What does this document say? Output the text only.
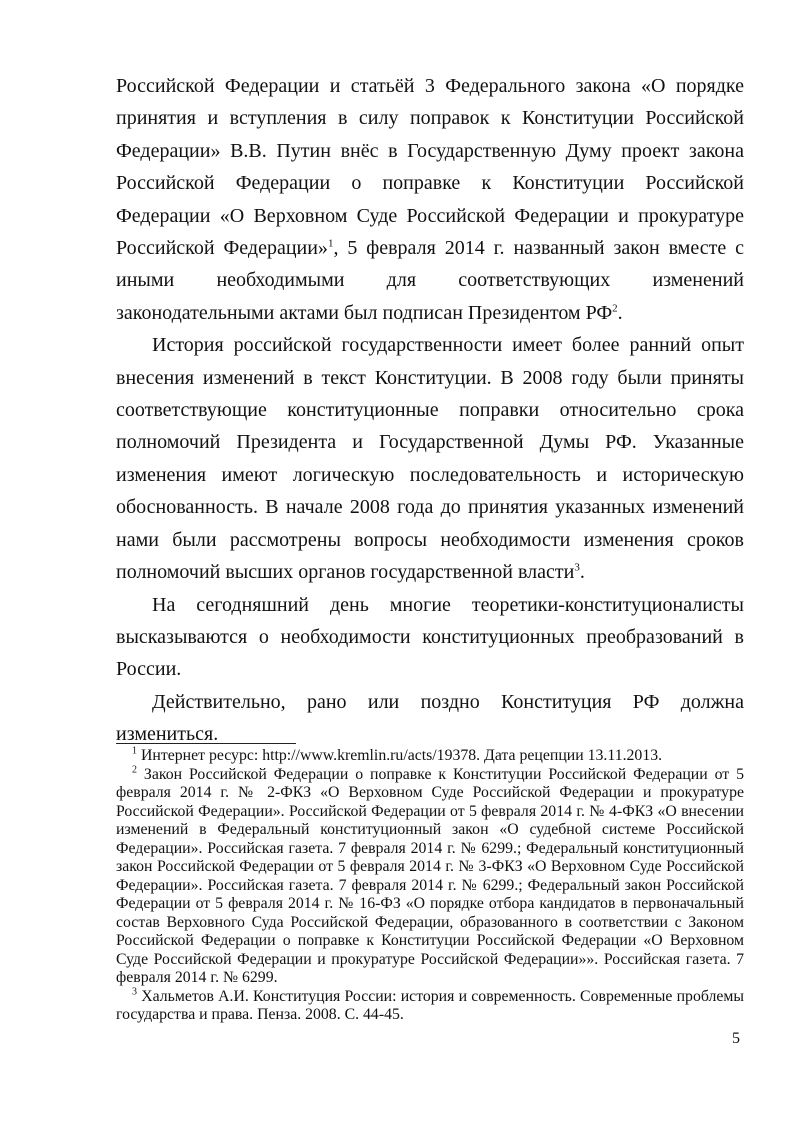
Российской Федерации и статьёй 3 Федерального закона «О порядке принятия и вступления в силу поправок к Конституции Российской Федерации» В.В. Путин внёс в Государственную Думу проект закона Российской Федерации о поправке к Конституции Российской Федерации «О Верховном Суде Российской Федерации и прокуратуре Российской Федерации»$^1$, 5 февраля 2014 г. названный закон вместе с иными необходимыми для соответствующих изменений законодательными актами был подписан Президентом $РФ^2$.

История российской государственности имеет более ранний опыт внесения изменений в текст Конституции. В 2008 году были приняты соответствующие конституционные поправки относительно срока полномочий Президента и Государственной Думы РФ. Указанные изменения имеют логическую последовательность и историческую обоснованность. В начале 2008 года до принятия указанных изменений нами были рассмотрены вопросы необходимости изменения сроков полномочий высших органов государственной власти$^3$.

На сегодняшний день многие теоретики-конституционалисты высказываются о необходимости конституционных преобразований в России.

Действительно, рано или поздно Конституция РФ должна измениться.

$^1$ Интернет ресурс: http://www.kremlin.ru/acts/19378. Дата рецепции 13.11.2013.

$^2$ Закон Российской Федерации о поправке к Конституции Российской Федерации от 5 февраля 2014 г. № 2-ФКЗ «О Верховном Суде Российской Федерации и прокуратуре Российской Федерации». Российской Федерации от 5 февраля 2014 г. № 4-ФКЗ «О внесении изменений в Федеральный конституционный закон «О судебной системе Российской Федерации». Российская газета. 7 февраля 2014 г. № 6299.; Федеральный конституционный закон Российской Федерации от 5 февраля 2014 г. № 3-ФКЗ «О Верховном Суде Российской Федерации». Российская газета. 7 февраля 2014 г. № 6299.; Федеральный закон Российской Федерации от 5 февраля 2014 г. № 16-ФЗ «О порядке отбора кандидатов в первоначальный состав Верховного Суда Российской Федерации, образованного в соответствии с Законом Российской Федерации о поправке к Конституции Российской Федерации «О Верховном Суде Российской Федерации и прокуратуре Российской Федерации»». Российская газета. 7 февраля 2014 г. № 6299.

$^3$ Хальметов А.И. Конституция России: история и современность. Современные проблемы государства и права. Пенза. 2008. С. 44-45.

5
